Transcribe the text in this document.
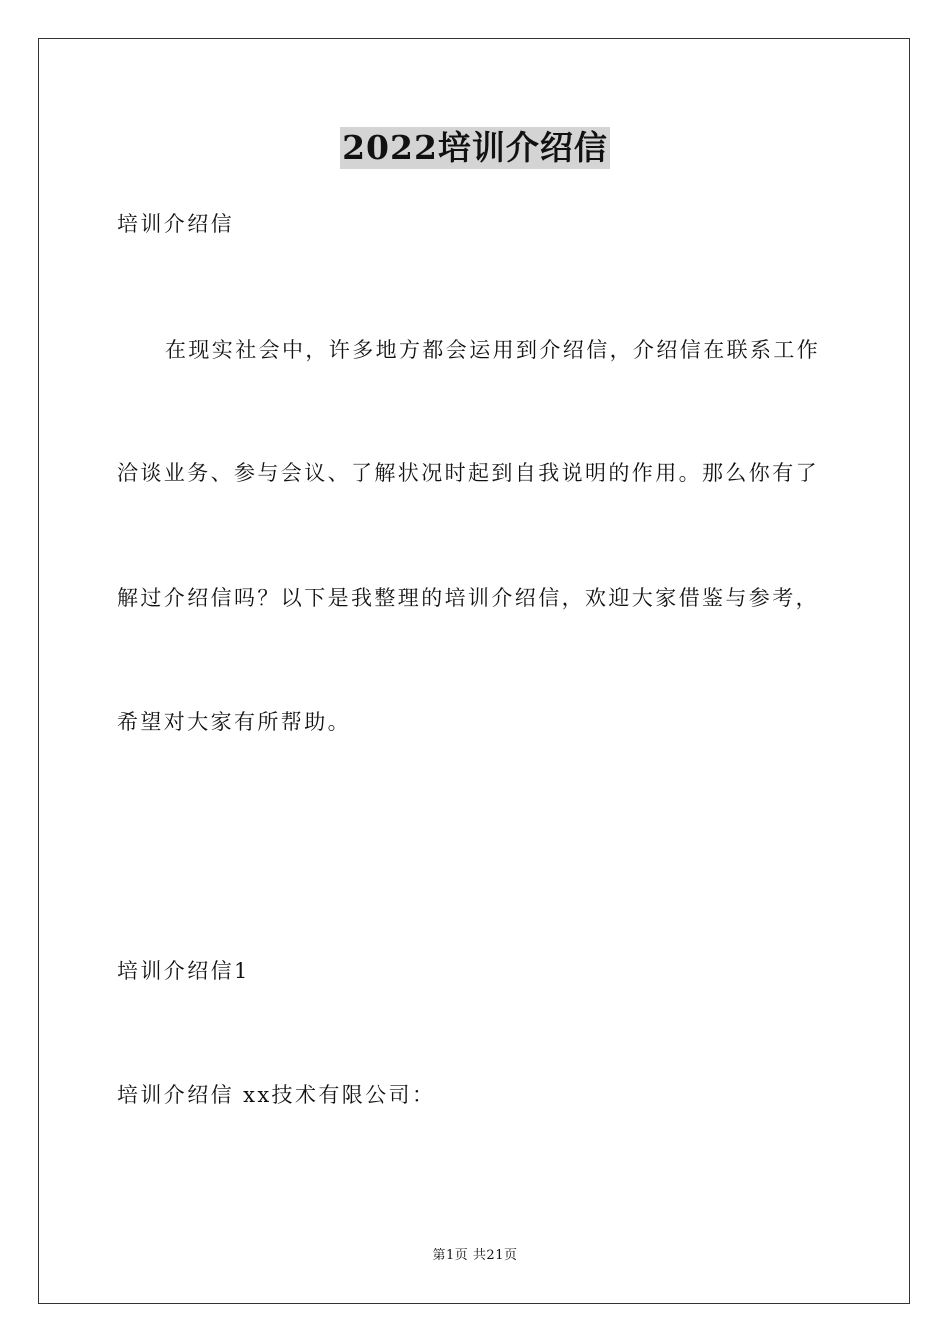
2022培训介绍信
培训介绍信
在现实社会中，许多地方都会运用到介绍信，介绍信在联系工作
洽谈业务、参与会议、了解状况时起到自我说明的作用。那么你有了
解过介绍信吗？以下是我整理的培训介绍信，欢迎大家借鉴与参考，
希望对大家有所帮助。
培训介绍信1
培训介绍信 xx技术有限公司：
第1页 共21页
